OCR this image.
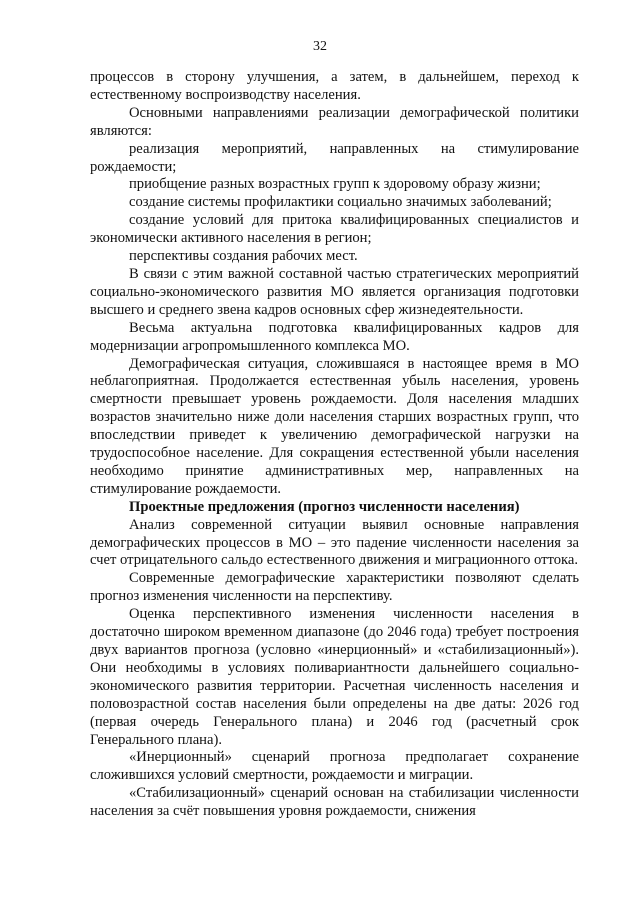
32

процессов в сторону улучшения, а затем, в дальнейшем, переход к естественному воспроизводству населения.

Основными направлениями реализации демографической политики являются:

реализация мероприятий, направленных на стимулирование рождаемости;

приобщение разных возрастных групп к здоровому образу жизни;

создание системы профилактики социально значимых заболеваний;

создание условий для притока квалифицированных специалистов и экономически активного населения в регион;

перспективы создания рабочих мест.

В связи с этим важной составной частью стратегических мероприятий социально-экономического развития МО является организация подготовки высшего и среднего звена кадров основных сфер жизнедеятельности.

Весьма актуальна подготовка квалифицированных кадров для модернизации агропромышленного комплекса МО.

Демографическая ситуация, сложившаяся в настоящее время в МО неблагоприятная. Продолжается естественная убыль населения, уровень смертности превышает уровень рождаемости. Доля населения младших возрастов значительно ниже доли населения старших возрастных групп, что впоследствии приведет к увеличению демографической нагрузки на трудоспособное население. Для сокращения естественной убыли населения необходимо принятие административных мер, направленных на стимулирование рождаемости.

Проектные предложения (прогноз численности населения)

Анализ современной ситуации выявил основные направления демографических процессов в МО – это падение численности населения за счет отрицательного сальдо естественного движения и миграционного оттока.

Современные демографические характеристики позволяют сделать прогноз изменения численности на перспективу.

Оценка перспективного изменения численности населения в достаточно широком временном диапазоне (до 2046 года) требует построения двух вариантов прогноза (условно «инерционный» и «стабилизационный»). Они необходимы в условиях поливариантности дальнейшего социально-экономического развития территории. Расчетная численность населения и половозрастной состав населения были определены на две даты: 2026 год (первая очередь Генерального плана) и 2046 год (расчетный срок Генерального плана).

«Инерционный» сценарий прогноза предполагает сохранение сложившихся условий смертности, рождаемости и миграции.

«Стабилизационный» сценарий основан на стабилизации численности населения за счёт повышения уровня рождаемости, снижения
